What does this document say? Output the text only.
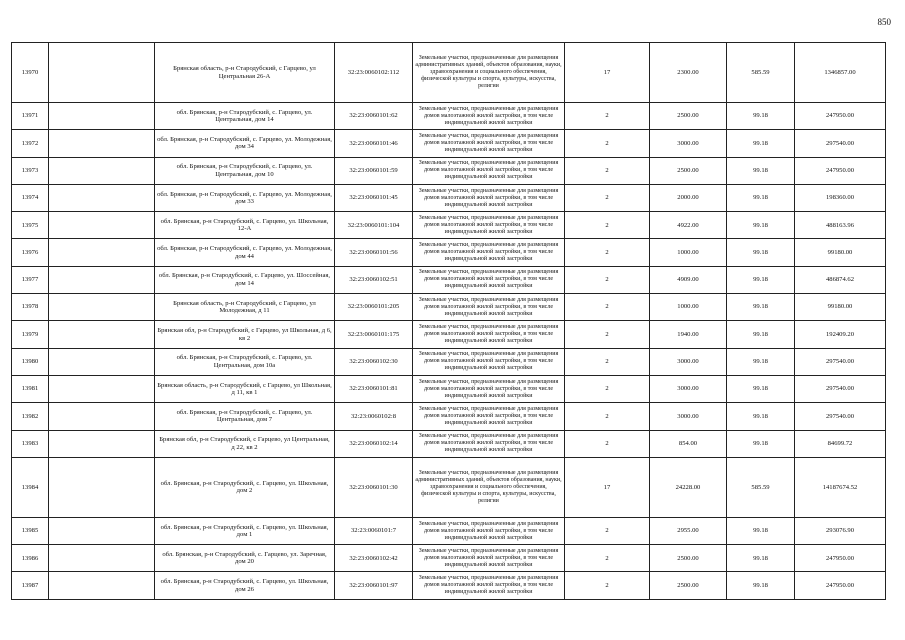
850
13970		Брянская область, р-н Стародубский, с Гарцево, ул Центральная 26-А	32:23:0060102:112	Земельные участки, предназначенные для размещения административных зданий, объектов образования, науки, здравоохранения и социального обеспечения, физической культуры и спорта, культуры, искусства, религии	17	2300.00	585.59	1346857.00
13971		обл. Брянская, р-н Стародубский, с. Гарцево, ул. Центральная, дом 14	32:23:0060101:62	Земельные участки, предназначенные для размещения домов малоэтажной жилой застройки, в том числе индивидуальной жилой застройки	2	2500.00	99.18	247950.00
13972		обл. Брянская, р-н Стародубский, с. Гарцево, ул. Молодежная, дом 34	32:23:0060101:46	Земельные участки, предназначенные для размещения домов малоэтажной жилой застройки, в том числе индивидуальной жилой застройки	2	3000.00	99.18	297540.00
13973		обл. Брянская, р-н Стародубский, с. Гарцево, ул. Центральная, дом 10	32:23:0060101:59	Земельные участки, предназначенные для размещения домов малоэтажной жилой застройки, в том числе индивидуальной жилой застройки	2	2500.00	99.18	247950.00
13974		обл. Брянская, р-н Стародубский, с. Гарцево, ул. Молодежная, дом 33	32:23:0060101:45	Земельные участки, предназначенные для размещения домов малоэтажной жилой застройки, в том числе индивидуальной жилой застройки	2	2000.00	99.18	198360.00
13975		обл. Брянская, р-н Стародубский, с. Гарцево, ул. Школьная, 12-А	32:23:0060101:104	Земельные участки, предназначенные для размещения домов малоэтажной жилой застройки, в том числе индивидуальной жилой застройки	2	4922.00	99.18	488163.96
13976		обл. Брянская, р-н Стародубский, с. Гарцево, ул. Молодежная, дом 44	32:23:0060101:56	Земельные участки, предназначенные для размещения домов малоэтажной жилой застройки, в том числе индивидуальной жилой застройки	2	1000.00	99.18	99180.00
13977		обл. Брянская, р-н Стародубский, с. Гарцево, ул. Шоссейная, дом 14	32:23:0060102:51	Земельные участки, предназначенные для размещения домов малоэтажной жилой застройки, в том числе индивидуальной жилой застройки	2	4909.00	99.18	486874.62
13978		Брянская область, р-н Стародубский, с Гарцево, ул Молодежная, д 11	32:23:0060101:205	Земельные участки, предназначенные для размещения домов малоэтажной жилой застройки, в том числе индивидуальной жилой застройки	2	1000.00	99.18	99180.00
13979		Брянская обл, р-н Стародубский, с Гарцево, ул Школьная, д 6, кв 2	32:23:0060101:175	Земельные участки, предназначенные для размещения домов малоэтажной жилой застройки, в том числе индивидуальной жилой застройки	2	1940.00	99.18	192409.20
13980		обл. Брянская, р-н Стародубский, с. Гарцево, ул. Центральная, дом 10а	32:23:0060102:30	Земельные участки, предназначенные для размещения домов малоэтажной жилой застройки, в том числе индивидуальной жилой застройки	2	3000.00	99.18	297540.00
13981		Брянская область, р-н Стародубский, с Гарцево, ул Школьная, д 11, кв 1	32:23:0060101:81	Земельные участки, предназначенные для размещения домов малоэтажной жилой застройки, в том числе индивидуальной жилой застройки	2	3000.00	99.18	297540.00
13982		обл. Брянская, р-н Стародубский, с. Гарцево, ул. Центральная, дом 7	32:23:0060102:8	Земельные участки, предназначенные для размещения домов малоэтажной жилой застройки, в том числе индивидуальной жилой застройки	2	3000.00	99.18	297540.00
13983		Брянская обл, р-н Стародубский, с Гарцево, ул Центральная, д 22, кв 2	32:23:0060102:14	Земельные участки, предназначенные для размещения домов малоэтажной жилой застройки, в том числе индивидуальной жилой застройки	2	854.00	99.18	84699.72
13984		обл. Брянская, р-н Стародубский, с. Гарцево, ул. Школьная, дом 2	32:23:0060101:30	Земельные участки, предназначенные для размещения административных зданий, объектов образования, науки, здравоохранения и социального обеспечения, физической культуры и спорта, культуры, искусства, религии	17	24228.00	585.59	14187674.52
13985		обл. Брянская, р-н Стародубский, с. Гарцево, ул. Школьная, дом 1	32:23:0060101:7	Земельные участки, предназначенные для размещения домов малоэтажной жилой застройки, в том числе индивидуальной жилой застройки	2	2955.00	99.18	293076.90
13986		обл. Брянская, р-н Стародубский, с. Гарцево, ул. Заречная, дом 20	32:23:0060102:42	Земельные участки, предназначенные для размещения домов малоэтажной жилой застройки, в том числе индивидуальной жилой застройки	2	2500.00	99.18	247950.00
13987		обл. Брянская, р-н Стародубский, с. Гарцево, ул. Школьная, дом 26	32:23:0060101:97	Земельные участки, предназначенные для размещения домов малоэтажной жилой застройки, в том числе индивидуальной жилой застройки	2	2500.00	99.18	247950.00
